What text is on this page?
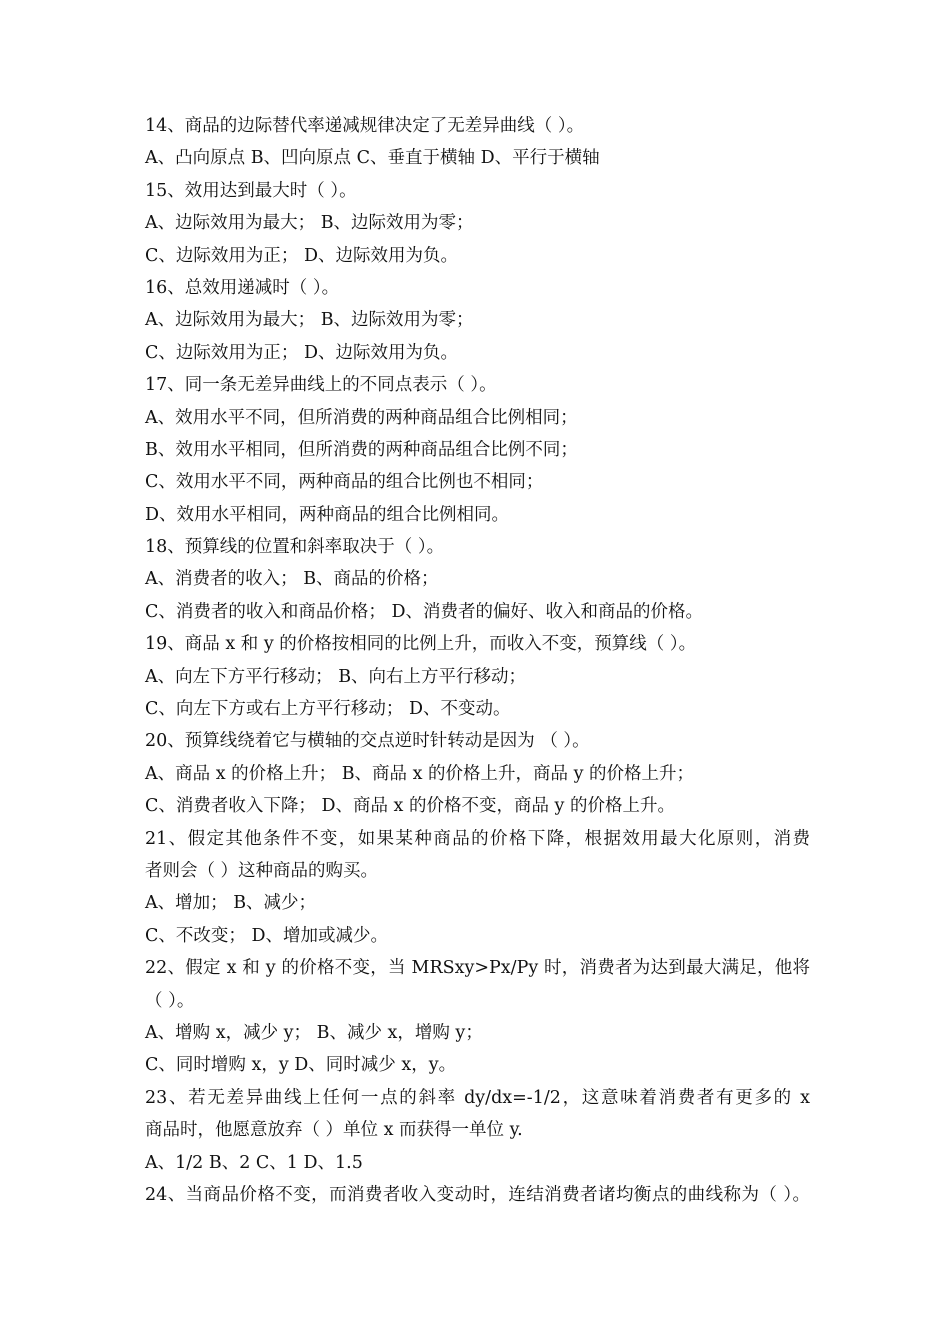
14、商品的边际替代率递减规律决定了无差异曲线（ ）。
A、凸向原点 B、凹向原点 C、垂直于横轴 D、平行于横轴
15、效用达到最大时（ ）。
A、边际效用为最大； B、边际效用为零；
C、边际效用为正； D、边际效用为负。
16、总效用递减时（ ）。
A、边际效用为最大； B、边际效用为零；
C、边际效用为正； D、边际效用为负。
17、同一条无差异曲线上的不同点表示（ ）。
A、效用水平不同，但所消费的两种商品组合比例相同；
B、效用水平相同，但所消费的两种商品组合比例不同；
C、效用水平不同，两种商品的组合比例也不相同；
D、效用水平相同，两种商品的组合比例相同。
18、预算线的位置和斜率取决于（ ）。
A、消费者的收入； B、商品的价格；
C、消费者的收入和商品价格； D、消费者的偏好、收入和商品的价格。
19、商品 x 和 y 的价格按相同的比例上升，而收入不变，预算线（ ）。
A、向左下方平行移动； B、向右上方平行移动；
C、向左下方或右上方平行移动； D、不变动。
20、预算线绕着它与横轴的交点逆时针转动是因为 （ ）。
A、商品 x 的价格上升； B、商品 x 的价格上升，商品 y 的价格上升；
C、消费者收入下降； D、商品 x 的价格不变，商品 y 的价格上升。
21、假定其他条件不变，如果某种商品的价格下降，根据效用最大化原则，消费
者则会（ ）这种商品的购买。
A、增加； B、减少；
C、不改变； D、增加或减少。
22、假定 x 和 y 的价格不变，当 MRSxy>Px/Py 时，消费者为达到最大满足，他将
（ ）。
A、增购 x，减少 y； B、减少 x，增购 y；
C、同时增购 x，y D、同时减少 x，y。
23、若无差异曲线上任何一点的斜率 dy/dx=-1/2，这意味着消费者有更多的 x
商品时，他愿意放弃（ ）单位 x 而获得一单位 y.
A、1/2 B、2 C、1 D、1.5
24、当商品价格不变，而消费者收入变动时，连结消费者诸均衡点的曲线称为（ ）。
